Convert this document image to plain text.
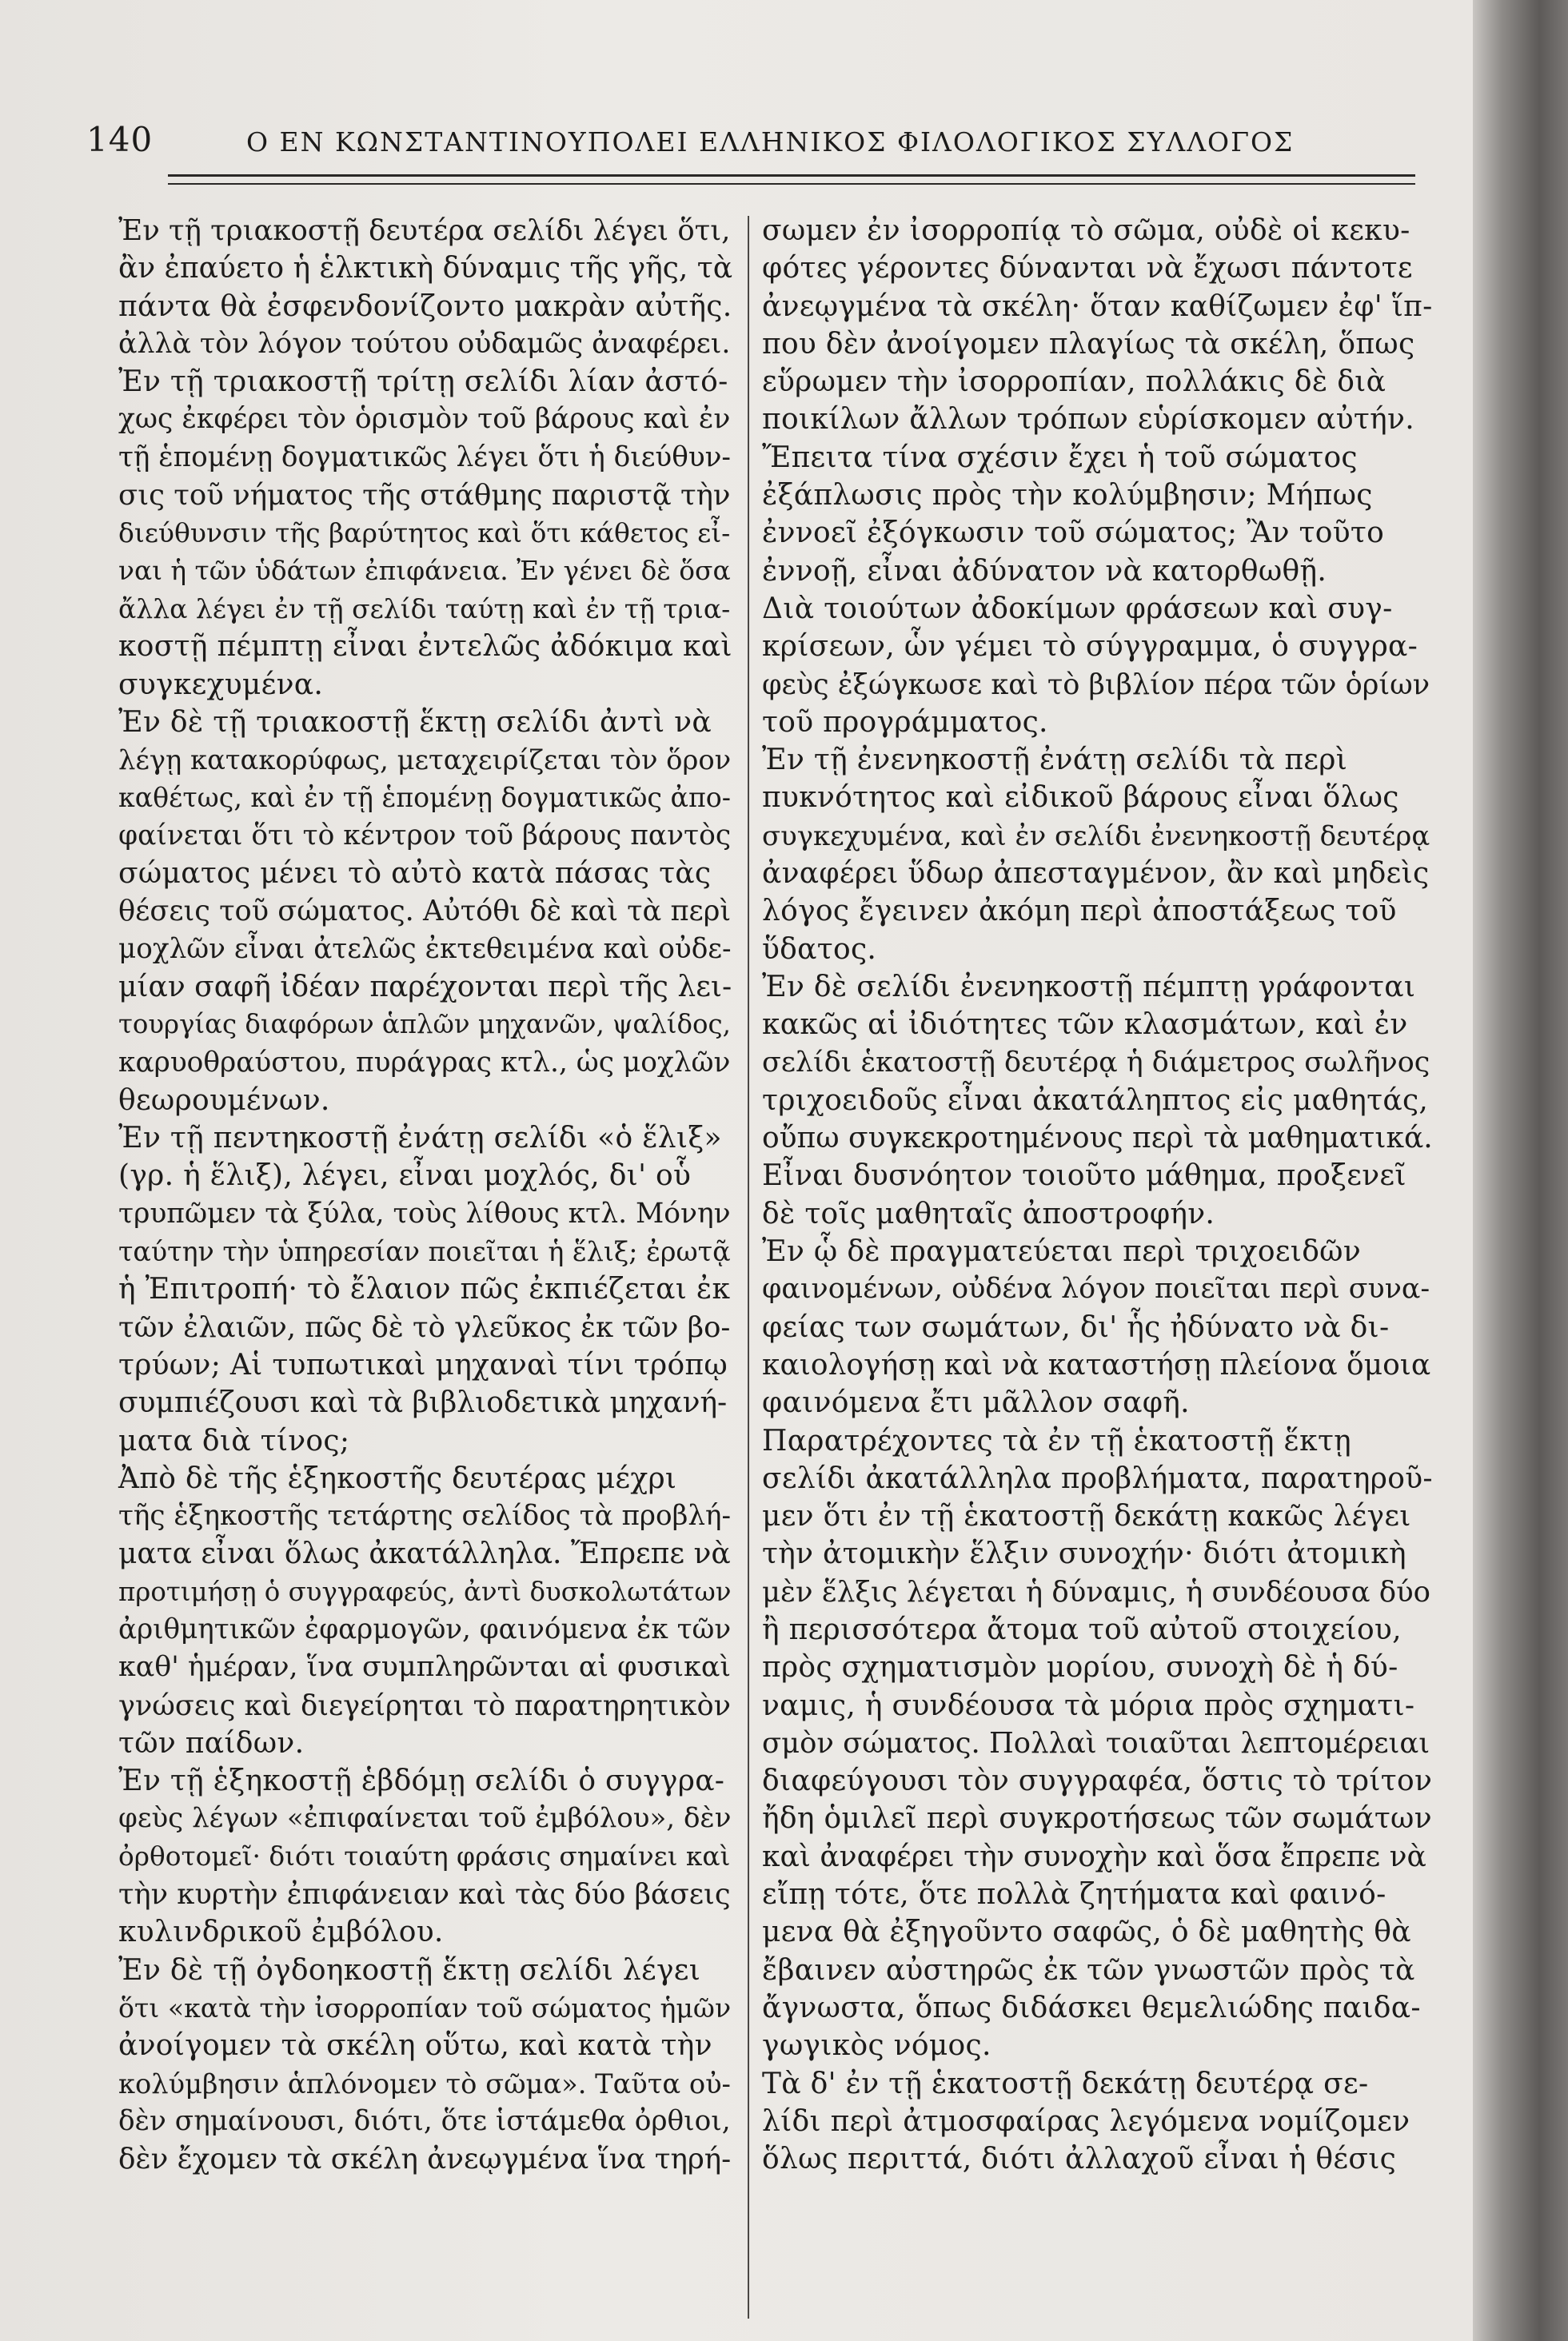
140	Ο ΕΝ ΚΩΝΣΤΑΝΤΙΝΟΥΠΟΛΕΙ ΕΛΛΗΝΙΚΟΣ ΦΙΛΟΛΟΓΙΚΟΣ ΣΥΛΛΟΓΟΣ

Ἐν τῇ τριακοστῇ δευτέρα σελίδι λέγει ὅτι,

ἂν ἐπαύετο ἡ ἑλκτικὴ δύναμις τῆς γῆς, τὰ

πάντα θὰ ἐσφενδονίζοντο μακρὰν αὐτῆς.

ἀλλὰ τὸν λόγον τούτου οὐδαμῶς ἀναφέρει.

Ἐν τῇ τριακοστῇ τρίτῃ σελίδι λίαν ἀστό-

χως ἐκφέρει τὸν ὁρισμὸν τοῦ βάρους καὶ ἐν

τῇ ἑπομένῃ δογματικῶς λέγει ὅτι ἡ διεύθυν-

σις τοῦ νήματος τῆς στάθμης παριστᾷ τὴν

διεύθυνσιν τῆς βαρύτητος καὶ ὅτι κάθετος εἶ-

ναι ἡ τῶν ὑδάτων ἐπιφάνεια. Ἐν γένει δὲ ὅσα

ἄλλα λέγει ἐν τῇ σελίδι ταύτῃ καὶ ἐν τῇ τρια-

κοστῇ πέμπτῃ εἶναι ἐντελῶς ἀδόκιμα καὶ

συγκεχυμένα.

Ἐν δὲ τῇ τριακοστῇ ἕκτῃ σελίδι ἀντὶ νὰ

λέγῃ κατακορύφως, μεταχειρίζεται τὸν ὅρον

καθέτως, καὶ ἐν τῇ ἑπομένῃ δογματικῶς ἀπο-

φαίνεται ὅτι τὸ κέντρον τοῦ βάρους παντὸς

σώματος μένει τὸ αὐτὸ κατὰ πάσας τὰς

θέσεις τοῦ σώματος. Αὐτόθι δὲ καὶ τὰ περὶ

μοχλῶν εἶναι ἀτελῶς ἐκτεθειμένα καὶ οὐδε-

μίαν σαφῆ ἰδέαν παρέχονται περὶ τῆς λει-

τουργίας διαφόρων ἁπλῶν μηχανῶν, ψαλίδος,

καρυοθραύστου, πυράγρας κτλ., ὡς μοχλῶν

θεωρουμένων.

Ἐν τῇ πεντηκοστῇ ἐνάτῃ σελίδι «ὁ ἕλιξ»

(γρ. ἡ ἕλιξ), λέγει, εἶναι μοχλός, δι' οὗ

τρυπῶμεν τὰ ξύλα, τοὺς λίθους κτλ. Μόνην

ταύτην τὴν ὑπηρεσίαν ποιεῖται ἡ ἕλιξ; ἐρωτᾷ

ἡ Ἐπιτροπή· τὸ ἔλαιον πῶς ἐκπιέζεται ἐκ

τῶν ἐλαιῶν, πῶς δὲ τὸ γλεῦκος ἐκ τῶν βο-

τρύων; Αἱ τυπωτικαὶ μηχαναὶ τίνι τρόπῳ

συμπιέζουσι καὶ τὰ βιβλιοδετικὰ μηχανή-

ματα διὰ τίνος;

Ἀπὸ δὲ τῆς ἑξηκοστῆς δευτέρας μέχρι

τῆς ἑξηκοστῆς τετάρτης σελίδος τὰ προβλή-

ματα εἶναι ὅλως ἀκατάλληλα. Ἔπρεπε νὰ

προτιμήσῃ ὁ συγγραφεύς, ἀντὶ δυσκολωτάτων

ἀριθμητικῶν ἐφαρμογῶν, φαινόμενα ἐκ τῶν

καθ' ἡμέραν, ἵνα συμπληρῶνται αἱ φυσικαὶ

γνώσεις καὶ διεγείρηται τὸ παρατηρητικὸν

τῶν παίδων.

Ἐν τῇ ἑξηκοστῇ ἑβδόμῃ σελίδι ὁ συγγρα-

φεὺς λέγων «ἐπιφαίνεται τοῦ ἐμβόλου», δὲν

ὀρθοτομεῖ· διότι τοιαύτη φράσις σημαίνει καὶ

τὴν κυρτὴν ἐπιφάνειαν καὶ τὰς δύο βάσεις

κυλινδρικοῦ ἐμβόλου.

Ἐν δὲ τῇ ὀγδοηκοστῇ ἕκτῃ σελίδι λέγει

ὅτι «κατὰ τὴν ἰσορροπίαν τοῦ σώματος ἡμῶν

ἀνοίγομεν τὰ σκέλη οὕτω, καὶ κατὰ τὴν

κολύμβησιν ἁπλόνομεν τὸ σῶμα». Ταῦτα οὐ-

δὲν σημαίνουσι, διότι, ὅτε ἱστάμεθα ὀρθιοι,

δὲν ἔχομεν τὰ σκέλη ἀνεῳγμένα ἵνα τηρή-

σωμεν ἐν ἰσορροπίᾳ τὸ σῶμα, οὐδὲ οἱ κεκυ-

φότες γέροντες δύνανται νὰ ἔχωσι πάντοτε

ἀνεῳγμένα τὰ σκέλη· ὅταν καθίζωμεν ἐφ' ἵπ-

που δὲν ἀνοίγομεν πλαγίως τὰ σκέλη, ὅπως

εὕρωμεν τὴν ἰσορροπίαν, πολλάκις δὲ διὰ

ποικίλων ἄλλων τρόπων εὑρίσκομεν αὐτήν.

Ἔπειτα τίνα σχέσιν ἔχει ἡ τοῦ σώματος

ἐξάπλωσις πρὸς τὴν κολύμβησιν; Μήπως

ἐννοεῖ ἐξόγκωσιν τοῦ σώματος; Ἂν τοῦτο

ἐννοῇ, εἶναι ἀδύνατον νὰ κατορθωθῇ.

Διὰ τοιούτων ἀδοκίμων φράσεων καὶ συγ-

κρίσεων, ὧν γέμει τὸ σύγγραμμα, ὁ συγγρα-

φεὺς ἐξώγκωσε καὶ τὸ βιβλίον πέρα τῶν ὁρίων

τοῦ προγράμματος.

Ἐν τῇ ἐνενηκοστῇ ἐνάτῃ σελίδι τὰ περὶ

πυκνότητος καὶ εἰδικοῦ βάρους εἶναι ὅλως

συγκεχυμένα, καὶ ἐν σελίδι ἐνενηκοστῇ δευτέρᾳ

ἀναφέρει ὕδωρ ἀπεσταγμένον, ἂν καὶ μηδεὶς

λόγος ἔγεινεν ἀκόμη περὶ ἀποστάξεως τοῦ

ὕδατος.

Ἐν δὲ σελίδι ἐνενηκοστῇ πέμπτῃ γράφονται

κακῶς αἱ ἰδιότητες τῶν κλασμάτων, καὶ ἐν

σελίδι ἑκατοστῇ δευτέρᾳ ἡ διάμετρος σωλῆνος

τριχοειδοῦς εἶναι ἀκατάληπτος εἰς μαθητάς,

οὔπω συγκεκροτημένους περὶ τὰ μαθηματικά.

Εἶναι δυσνόητον τοιοῦτο μάθημα, προξενεῖ

δὲ τοῖς μαθηταῖς ἀποστροφήν.

Ἐν ᾧ δὲ πραγματεύεται περὶ τριχοειδῶν

φαινομένων, οὐδένα λόγον ποιεῖται περὶ συνα-

φείας των σωμάτων, δι' ἧς ἠδύνατο νὰ δι-

καιολογήσῃ καὶ νὰ καταστήσῃ πλείονα ὅμοια

φαινόμενα ἔτι μᾶλλον σαφῆ.

Παρατρέχοντες τὰ ἐν τῇ ἑκατοστῇ ἕκτῃ

σελίδι ἀκατάλληλα προβλήματα, παρατηροῦ-

μεν ὅτι ἐν τῇ ἑκατοστῇ δεκάτῃ κακῶς λέγει

τὴν ἀτομικὴν ἕλξιν συνοχήν· διότι ἀτομικὴ

μὲν ἕλξις λέγεται ἡ δύναμις, ἡ συνδέουσα δύο

ἢ περισσότερα ἄτομα τοῦ αὐτοῦ στοιχείου,

πρὸς σχηματισμὸν μορίου, συνοχὴ δὲ ἡ δύ-

ναμις, ἡ συνδέουσα τὰ μόρια πρὸς σχηματι-

σμὸν σώματος. Πολλαὶ τοιαῦται λεπτομέρειαι

διαφεύγουσι τὸν συγγραφέα, ὅστις τὸ τρίτον

ἤδη ὁμιλεῖ περὶ συγκροτήσεως τῶν σωμάτων

καὶ ἀναφέρει τὴν συνοχὴν καὶ ὅσα ἔπρεπε νὰ

εἴπῃ τότε, ὅτε πολλὰ ζητήματα καὶ φαινό-

μενα θὰ ἐξηγοῦντο σαφῶς, ὁ δὲ μαθητὴς θὰ

ἔβαινεν αὐστηρῶς ἐκ τῶν γνωστῶν πρὸς τὰ

ἄγνωστα, ὅπως διδάσκει θεμελιώδης παιδα-

γωγικὸς νόμος.

Τὰ δ' ἐν τῇ ἑκατοστῇ δεκάτῃ δευτέρᾳ σε-

λίδι περὶ ἀτμοσφαίρας λεγόμενα νομίζομεν

ὅλως περιττά, διότι ἀλλαχοῦ εἶναι ἡ θέσις
